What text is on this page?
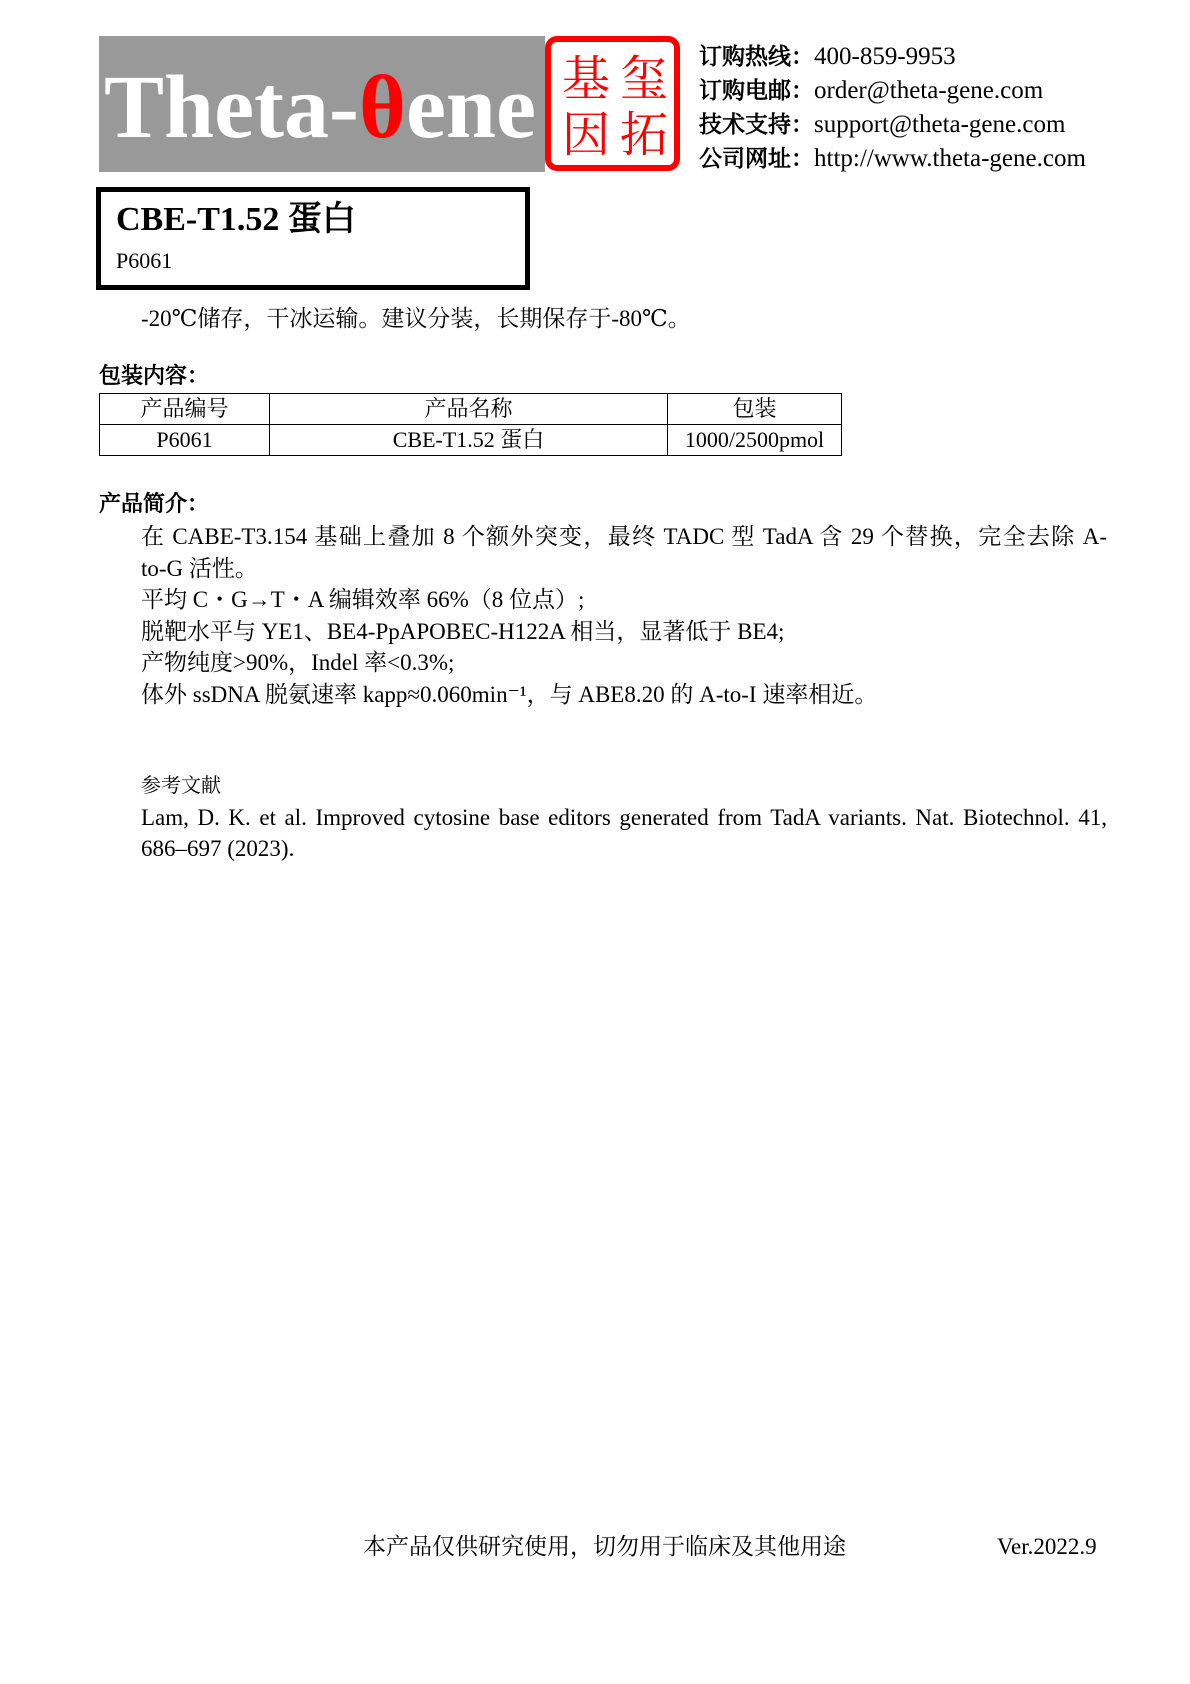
Theta-θene 基 玺
因 拓
订购热线：400-859-9953
订购电邮：order@theta-gene.com
技术支持：support@theta-gene.com
公司网址：http://www.theta-gene.com
CBE-T1.52 蛋白
P6061
-20℃储存，干冰运输。建议分装，长期保存于-80℃。
包装内容：
产品编号	产品名称	包装
P6061	CBE-T1.52 蛋白	1000/2500pmol
产品简介：
在 CABE-T3.154 基础上叠加 8 个额外突变，最终 TADC 型 TadA 含 29 个替换，完全去除 A-
to-G 活性。
平均 C・G→T・A 编辑效率 66%（8 位点）;
脱靶水平与 YE1、BE4-PpAPOBEC-H122A 相当，显著低于 BE4;
产物纯度>90%，Indel 率<0.3%;
体外 ssDNA 脱氨速率 kapp≈0.060min⁻¹，与 ABE8.20 的 A-to-I 速率相近。
参考文献
Lam, D. K. et al. Improved cytosine base editors generated from TadA variants. Nat. Biotechnol. 41,
686–697 (2023).
本产品仅供研究使用，切勿用于临床及其他用途	Ver.2022.9
